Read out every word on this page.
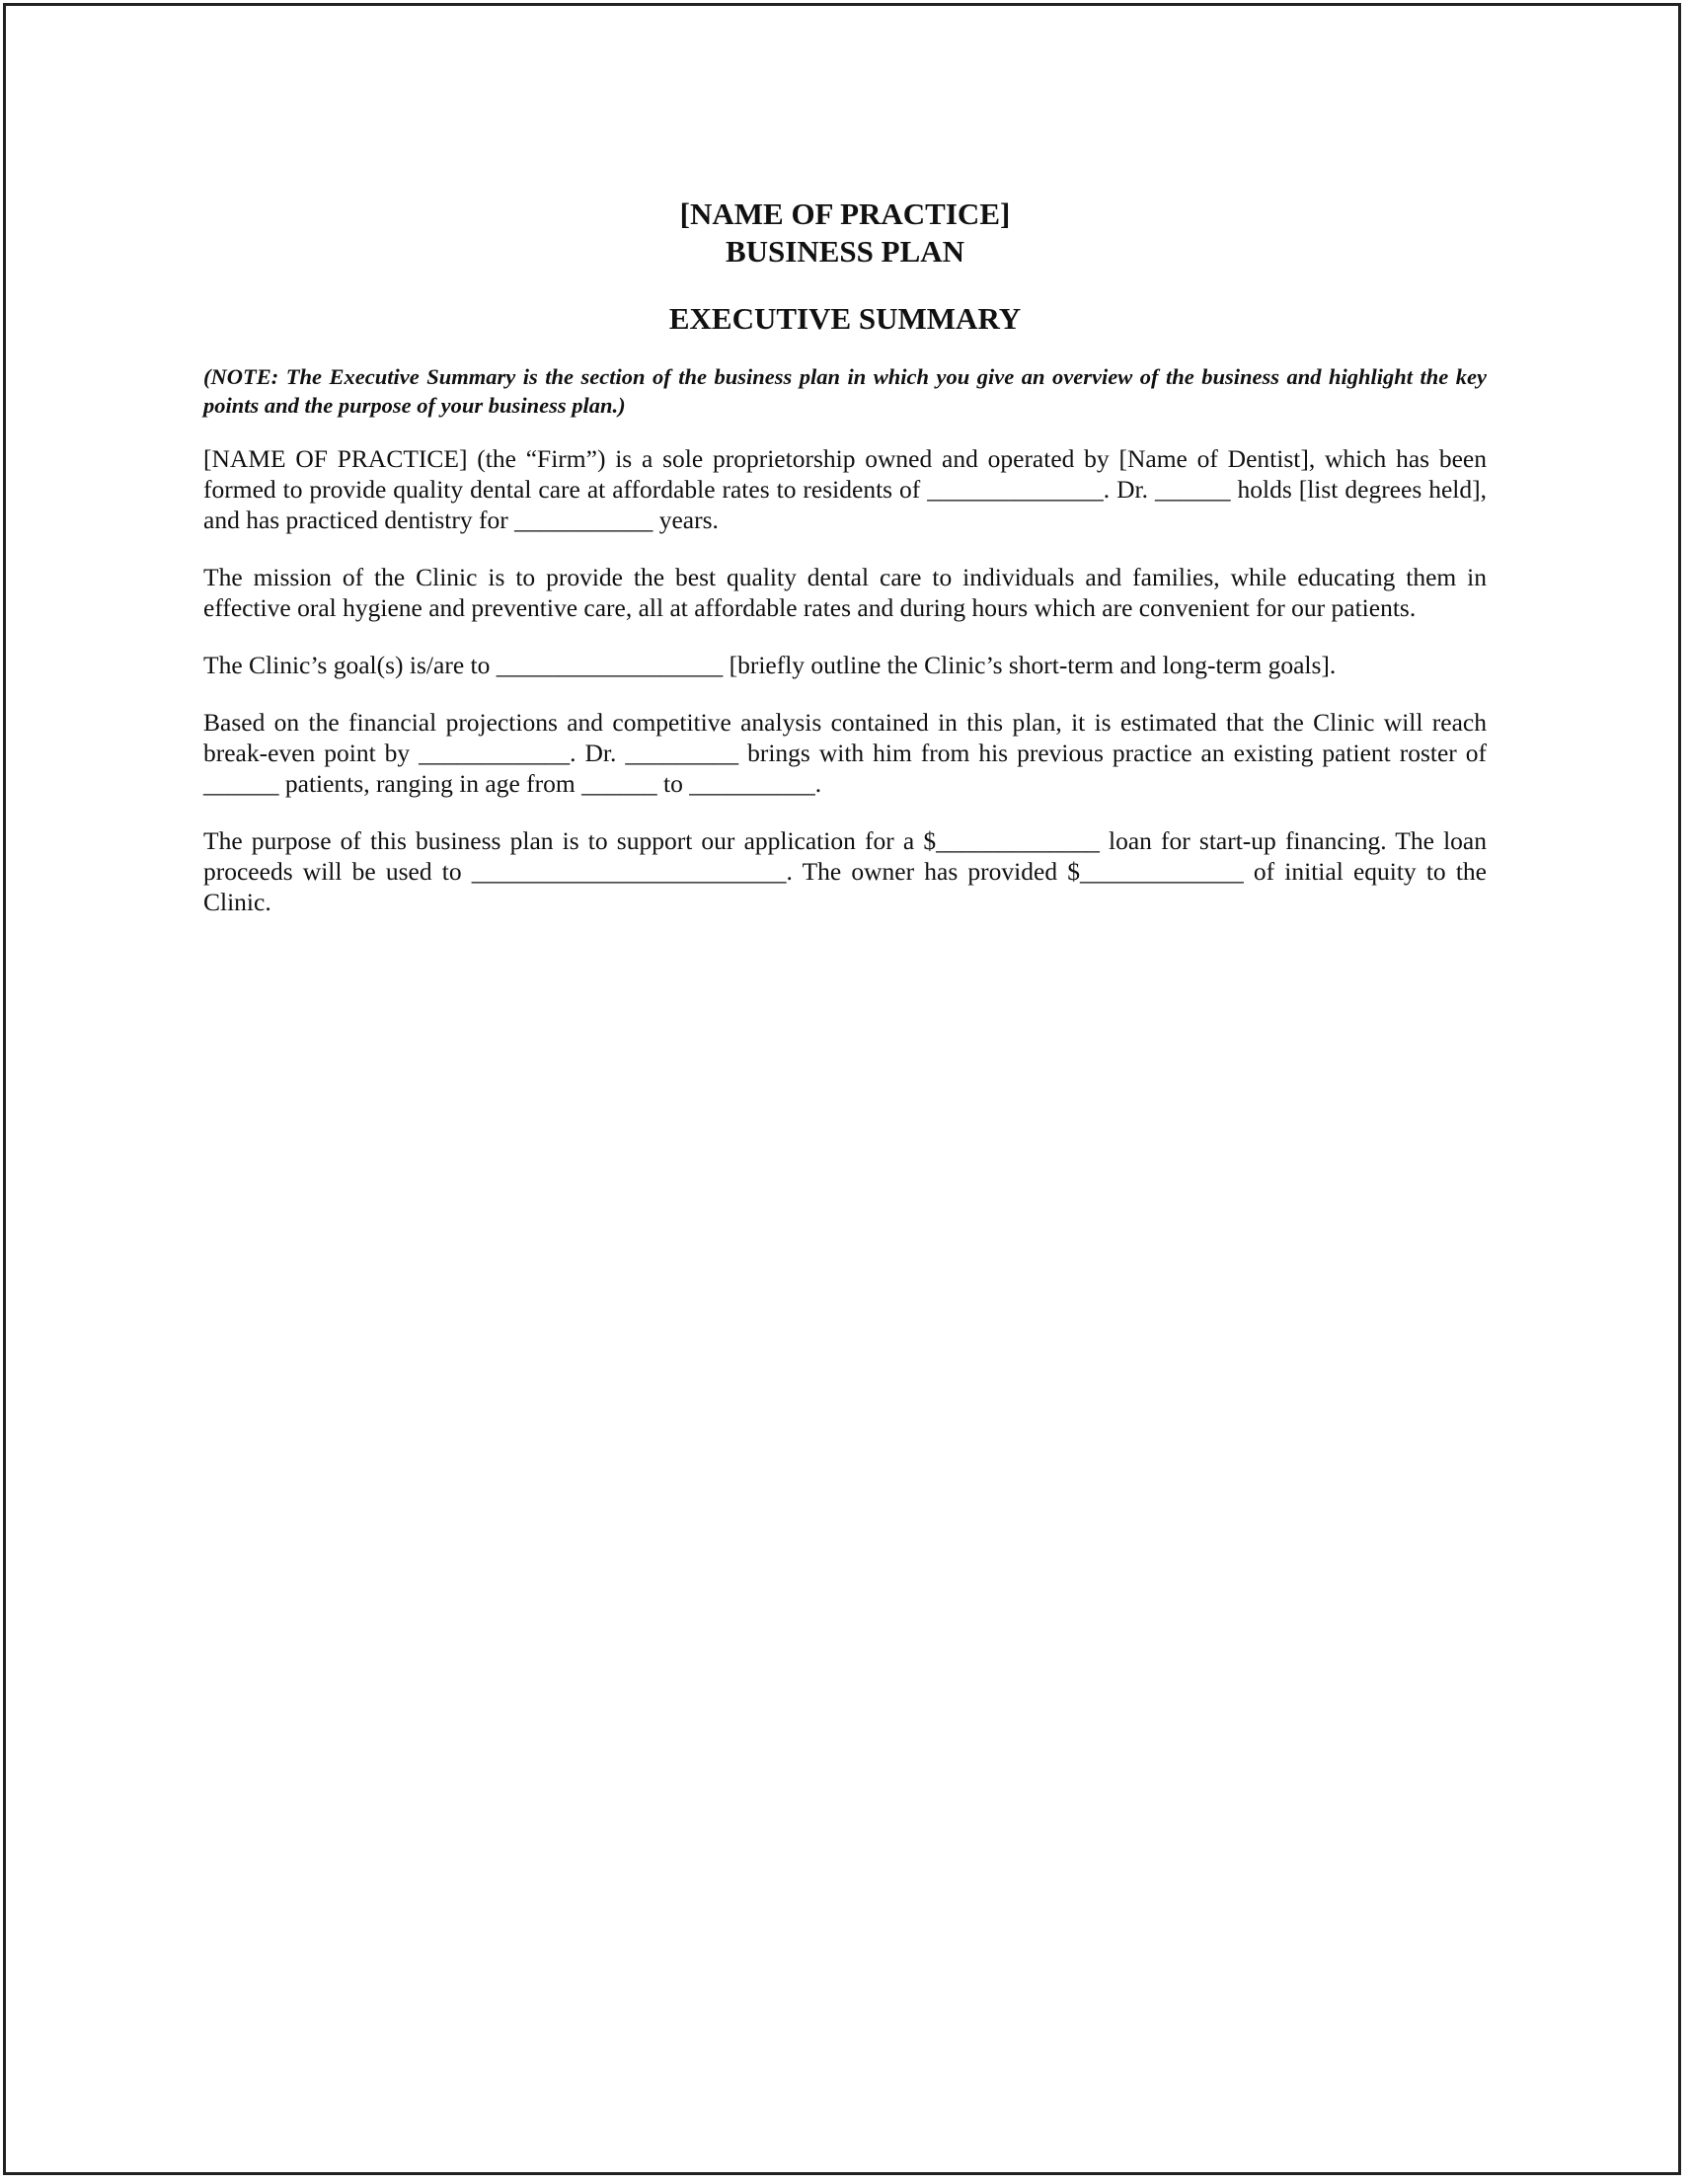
[NAME OF PRACTICE]

BUSINESS PLAN

EXECUTIVE SUMMARY

(NOTE: The Executive Summary is the section of the business plan in which you give an overview of the business and highlight the key points and the purpose of your business plan.)

[NAME OF PRACTICE] (the “Firm”) is a sole proprietorship owned and operated by [Name of Dentist], which has been formed to provide quality dental care at affordable rates to residents of ______________. Dr. ______ holds [list degrees held], and has practiced dentistry for ___________ years.

The mission of the Clinic is to provide the best quality dental care to individuals and families, while educating them in effective oral hygiene and preventive care, all at affordable rates and during hours which are convenient for our patients.

The Clinic’s goal(s) is/are to __________________ [briefly outline the Clinic’s short-term and long-term goals].

Based on the financial projections and competitive analysis contained in this plan, it is estimated that the Clinic will reach break-even point by ____________. Dr. _________ brings with him from his previous practice an existing patient roster of ______ patients, ranging in age from ______ to __________.

The purpose of this business plan is to support our application for a $_____________ loan for start-up financing. The loan proceeds will be used to _________________________. The owner has provided $_____________ of initial equity to the Clinic.
